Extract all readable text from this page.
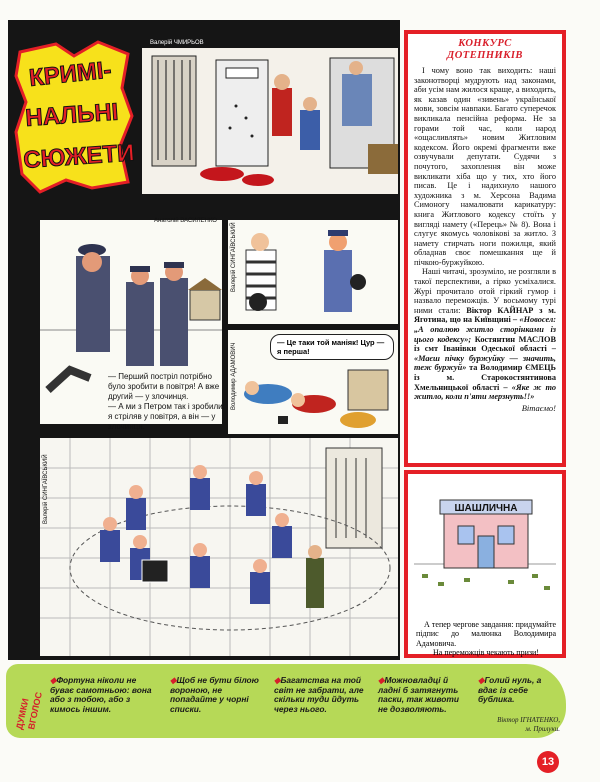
КРИМІ-
НАЛЬНІ
СЮЖЕТИ
Валерій ЧМИРЬОВ
Анатолій ВАСИЛЕНКО
— Перший постріл потрібно було зробити в повітря! А вже другий — у злочинця.
— А ми з Петром так і зробили: я стріляв у повітря, а він — у злочинця.
Валерій СИНГАЇВСЬКИЙ
Володимир АДАМОВИЧ	— Це таки той маніяк! Цур — я перша!
Валерій СИНГАЇВСЬКИЙ
КОНКУРС
ДОТЕПНИКІВ

І чому воно так виходить: наші законотворці мудрують над законами, аби усім нам жилося краще, а виходить, як казав один «зивень» української мови, зовсім навпаки. Багато суперечок викликала пенсійна реформа. Не за горами той час, коли народ «ощасливлять» новим Житловим кодексом. Його окремі фрагменти вже озвучували депутати. Судячи з почутого, захоплення він може викликати хіба що у тих, хто його писав. Це і надихнуло нашого художника з м. Херсона Вадима Симоногу намалювати карикатуру: книга Житлового кодексу стоїть у вигляді намету («Перець» № 8). Вона і слугує якомусь чоловікові за житло. З намету стирчать ноги пожилця, який обладнав своє помешкання ще й пічкою-буржуйкою.

Наші читачі, зрозуміло, не розгляли в такої перспективи, а гірко усміхалися. Журі прочитало отой гіркий гумор і назвало переможців. У восьмому турі ними стали: Віктор КАЙНАР з м. Яготина, що на Київщині – «Новосел: „А опалюю житло сторінками із цього кодексу»; Костянтин МАСЛОВ із смт Іванівки Одеської області – «Маєш пічку буржуйку — значить, теж буржуй» та Володимир ЄМЕЦЬ із м. Старокостянтинова Хмельницької області – «Яке ж то житло, коли п'яти мерзнуть!!»

Вітаємо!
ШАШЛИЧНА

А тепер чергове завдання: придумайте підпис до малюнка Володимира Адамовича.

На переможців чекають призи!

ДУМКИ
ВГОЛОС
◆Фортуна ніколи не буває самотньою: вона або з тобою, або з кимось іншим.
◆Щоб не бути білою вороною, не попадайте у чорні списки.
◆Багатства на той світ не забрати, але скільки туди йдуть через нього.
◆Можновладці й ладні б затягнуть паски, так животи не дозволяють.
◆Голий нуль, а вдає із себе бублика.
Віктор ІГНАТЕНКО,
м. Прилуки.
13
